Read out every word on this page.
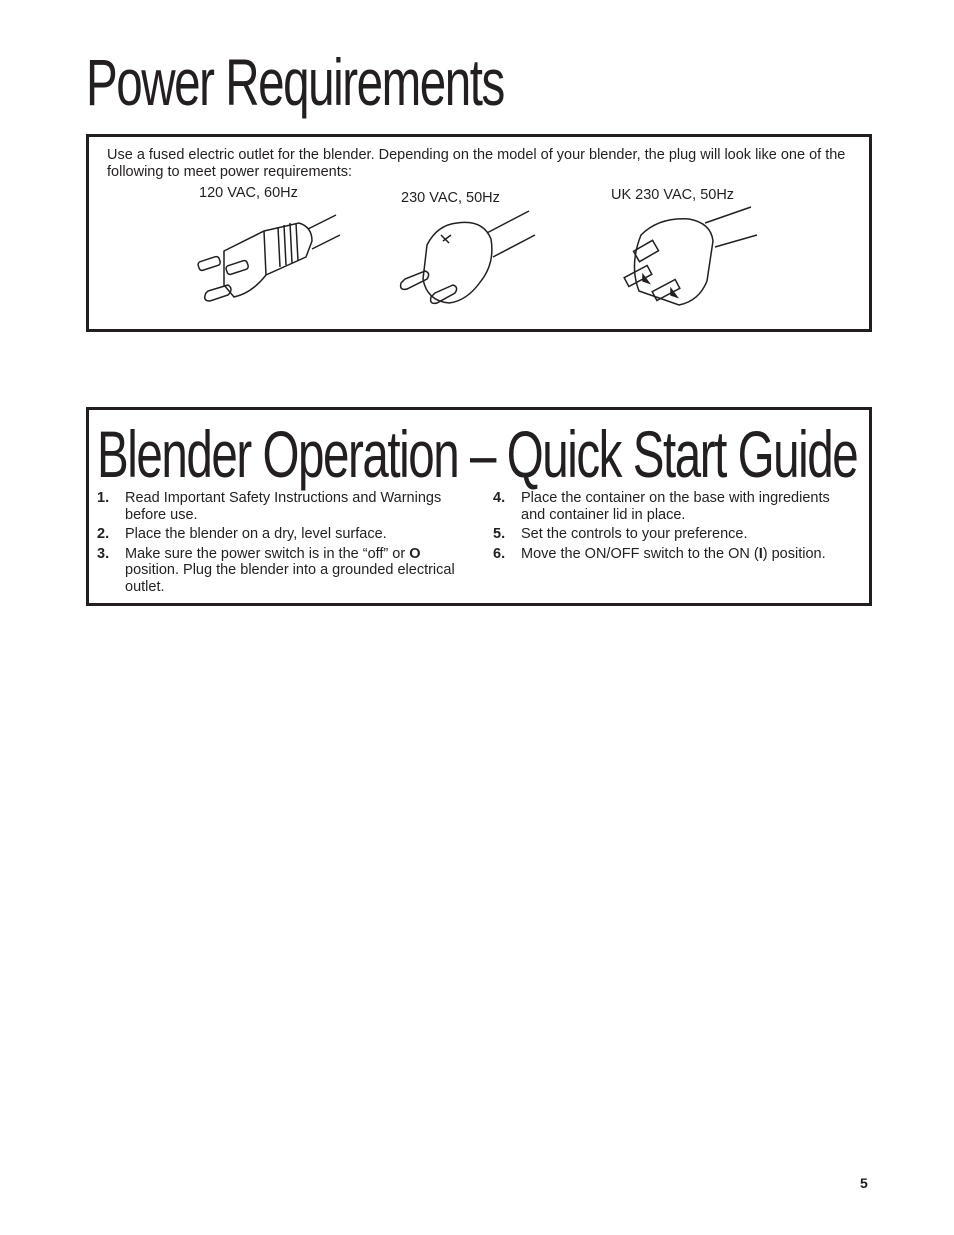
Power Requirements
Use a fused electric outlet for the blender. Depending on the model of your blender, the plug will look like one of the following to meet power requirements:
120 VAC, 60Hz	230 VAC, 50Hz	UK 230 VAC, 50Hz
Blender Operation – Quick Start Guide
1. Read Important Safety Instructions and Warnings before use.
2. Place the blender on a dry, level surface.
3. Make sure the power switch is in the “off” or O position. Plug the blender into a grounded electrical outlet.
4. Place the container on the base with ingredients and container lid in place.
5. Set the controls to your preference.
6. Move the ON/OFF switch to the ON (I) position.
5
